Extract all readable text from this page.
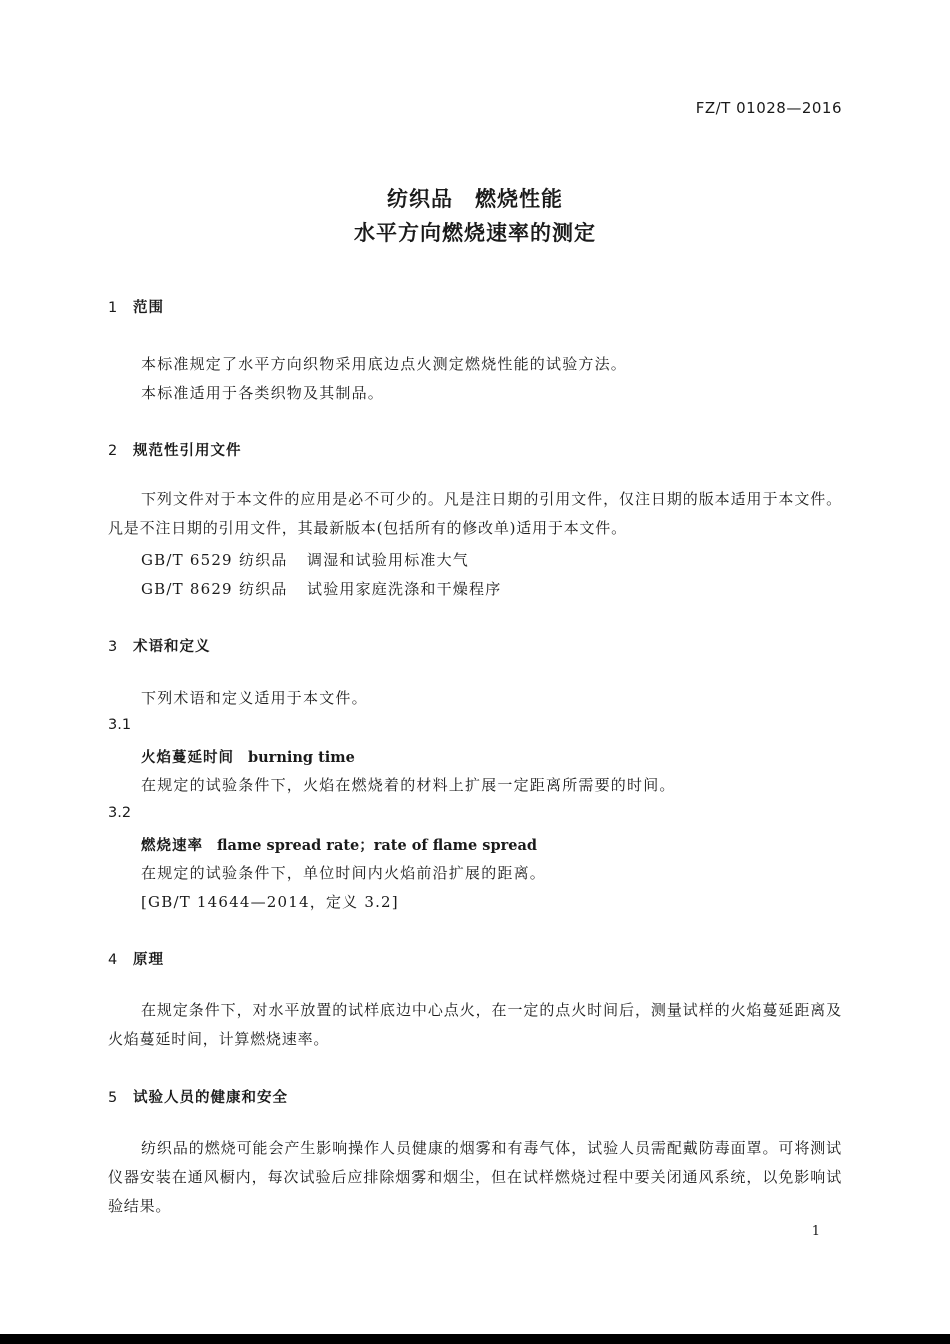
FZ/T 01028—2016
纺织品　燃烧性能
水平方向燃烧速率的测定
1 范围
本标准规定了水平方向织物采用底边点火测定燃烧性能的试验方法。
本标准适用于各类织物及其制品。
2 规范性引用文件
下列文件对于本文件的应用是必不可少的。凡是注日期的引用文件，仅注日期的版本适用于本文件。凡是不注日期的引用文件，其最新版本(包括所有的修改单)适用于本文件。
GB/T 6529 纺织品 调湿和试验用标准大气
GB/T 8629 纺织品 试验用家庭洗涤和干燥程序
3 术语和定义
下列术语和定义适用于本文件。
3.1
火焰蔓延时间 burning time
在规定的试验条件下，火焰在燃烧着的材料上扩展一定距离所需要的时间。
3.2
燃烧速率 flame spread rate；rate of flame spread
在规定的试验条件下，单位时间内火焰前沿扩展的距离。
[GB/T 14644—2014，定义 3.2]
4 原理
在规定条件下，对水平放置的试样底边中心点火，在一定的点火时间后，测量试样的火焰蔓延距离及火焰蔓延时间，计算燃烧速率。
5 试验人员的健康和安全
纺织品的燃烧可能会产生影响操作人员健康的烟雾和有毒气体，试验人员需配戴防毒面罩。可将测试仪器安装在通风橱内，每次试验后应排除烟雾和烟尘，但在试样燃烧过程中要关闭通风系统，以免影响试验结果。
1
